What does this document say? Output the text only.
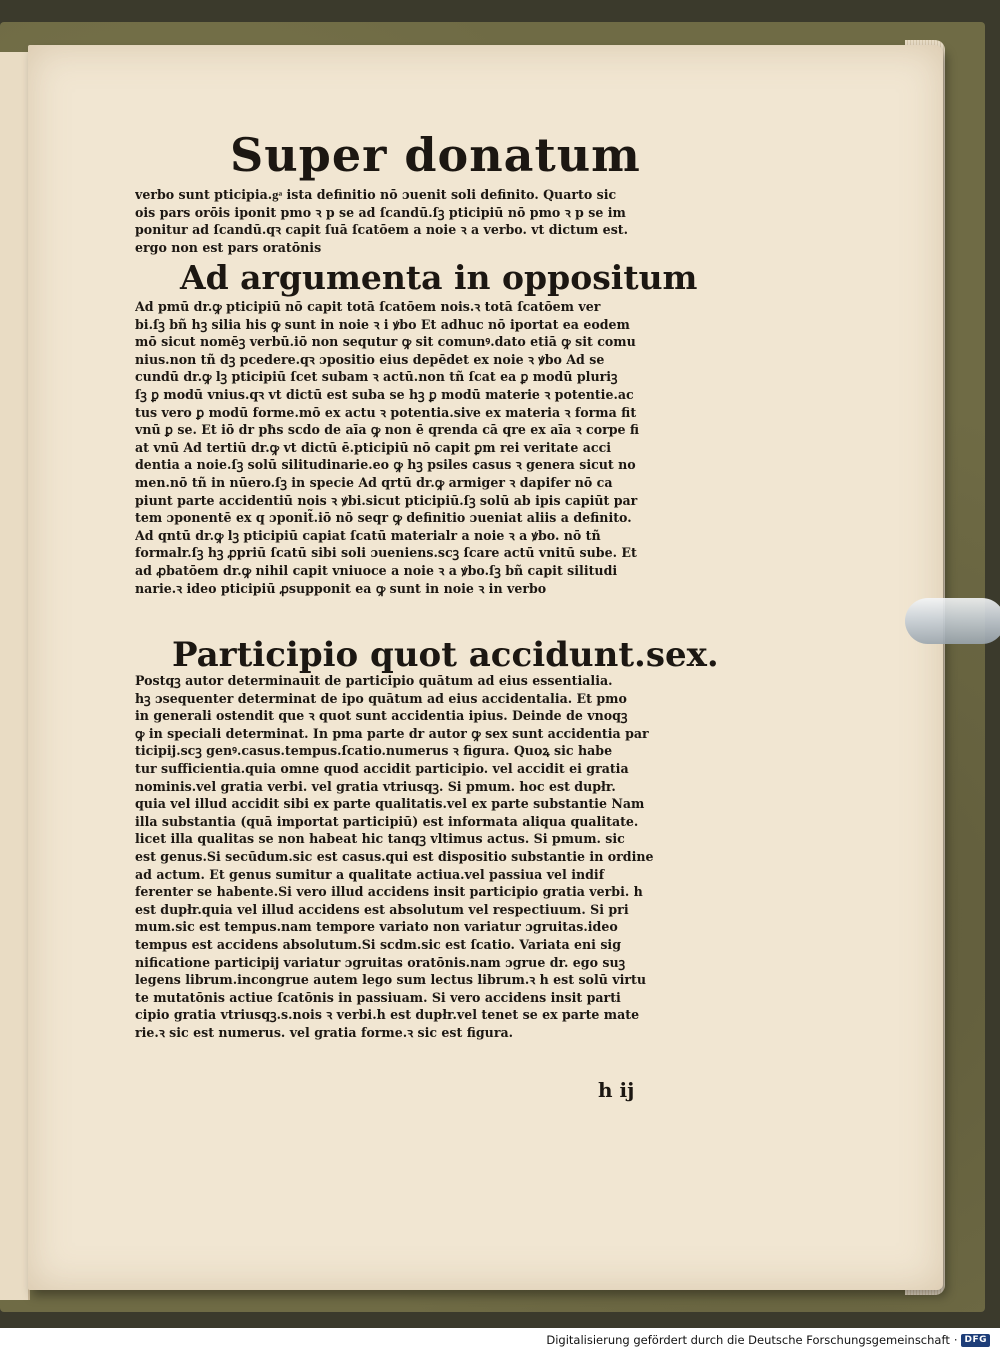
Super donatum
verbo sunt pticipia.gͣ ista definitio nō ɔuenit soli definito. Quarto sic
ois pars orōis iponit pmo ꝛ p se ad ſcandū.ſꝫ pticipiū nō pmo ꝛ p se im
ponitur ad ſcandū.qꝛ capit ſuā ſcatōem a noie ꝛ a verbo. vt dictum est.
ergo non est pars oratōnis
Ad argumenta in oppositum
Ad pmū dr.ꝙ pticipiū nō capit totā ſcatōem nois.ꝛ totā ſcatōem ver
bi.ſꝫ bñ hꝫ silia his ꝙ sunt in noie ꝛ i ꝟbo Et adhuc nō iportat ea eodem
mō sicut nomēꝫ verbū.iō non sequtur ꝙ sit comunꝰ.dato etiā ꝙ sit comu
nius.non tñ dꝫ pcedere.qꝛ ɔpositio eius depēdet ex noie ꝛ ꝟbo Ad se
cundū dr.ꝙ lꝫ pticipiū ſcet subam ꝛ actū.non tñ ſcat ea ꝑ modū pluriꝫ
ſꝫ ꝑ modū vnius.qꝛ vt dictū est suba se hꝫ ꝑ modū materie ꝛ potentie.ac
tus vero ꝑ modū forme.mō ex actu ꝛ potentia.sive ex materia ꝛ forma fit
vnū ꝑ se. Et iō dr pħs scdo de aīa ꝙ non ē qrenda cā qre ex aīa ꝛ corpe fi
at vnū Ad tertiū dr.ꝙ vt dictū ē.pticipiū nō capit ꝑm rei veritate acci
dentia a noie.ſꝫ solū silitudinarie.eo ꝙ hꝫ psiles casus ꝛ genera sicut no
men.nō tñ in nūero.ſꝫ in specie Ad qrtū dr.ꝙ armiger ꝛ dapifer nō ca
piunt parte accidentiū nois ꝛ ꝟbi.sicut pticipiū.ſꝫ solū ab ipis capiūt par
tem ɔponentē ex q ɔponit̃.iō nō seqr ꝙ definitio ɔueniat aliis a definito.
Ad qntū dr.ꝙ lꝫ pticipiū capiat ſcatū materialr a noie ꝛ a ꝟbo. nō tñ
formalr.ſꝫ hꝫ ꝓpriū ſcatū sibi soli ɔueniens.scꝫ ſcare actū vnitū sube. Et
ad ꝓbatōem dr.ꝙ nihil capit vniuoce a noie ꝛ a ꝟbo.ſꝫ bñ capit silitudi
narie.ꝛ ideo pticipiū ꝓsupponit ea ꝙ sunt in noie ꝛ in verbo
Participio quot accidunt.sex.
Postqꝫ autor determinauit de participio quātum ad eius essentialia.
hꝫ ɔsequenter determinat de ipo quātum ad eius accidentalia. Et pmo
in generali ostendit que ꝛ quot sunt accidentia ipius. Deinde de vnoqꝫ
ꝙ in speciali determinat. In pma parte dr autor ꝙ sex sunt accidentia par
ticipij.scꝫ genꝰ.casus.tempus.ſcatio.numerus ꝛ figura. Quoꝝ sic habe
tur sufficientia.quia omne quod accidit participio. vel accidit ei gratia
nominis.vel gratia verbi. vel gratia vtriusqꝫ. Si pmum. hoc est dupłr.
quia vel illud accidit sibi ex parte qualitatis.vel ex parte substantie Nam
illa substantia (quā importat participiū) est informata aliqua qualitate.
licet illa qualitas se non habeat hic tanqꝫ vltimus actus. Si pmum. sic
est genus.Si secūdum.sic est casus.qui est dispositio substantie in ordine
ad actum. Et genus sumitur a qualitate actiua.vel passiua vel indif
ferenter se habente.Si vero illud accidens insit participio gratia verbi. h
est dupłr.quia vel illud accidens est absolutum vel respectiuum. Si pri
mum.sic est tempus.nam tempore variato non variatur ɔgruitas.ideo
tempus est accidens absolutum.Si scdm.sic est ſcatio. Variata eni sig
nificatione participij variatur ɔgruitas oratōnis.nam ɔgrue dr. ego suꝫ
legens librum.incongrue autem lego sum lectus librum.ꝛ h est solū virtu
te mutatōnis actiue ſcatōnis in passiuam. Si vero accidens insit parti
cipio gratia vtriusqꝫ.s.nois ꝛ verbi.h est dupłr.vel tenet se ex parte mate
rie.ꝛ sic est numerus. vel gratia forme.ꝛ sic est figura.
h ij
Digitalisierung gefördert durch die Deutsche Forschungsgemeinschaft · DFG
